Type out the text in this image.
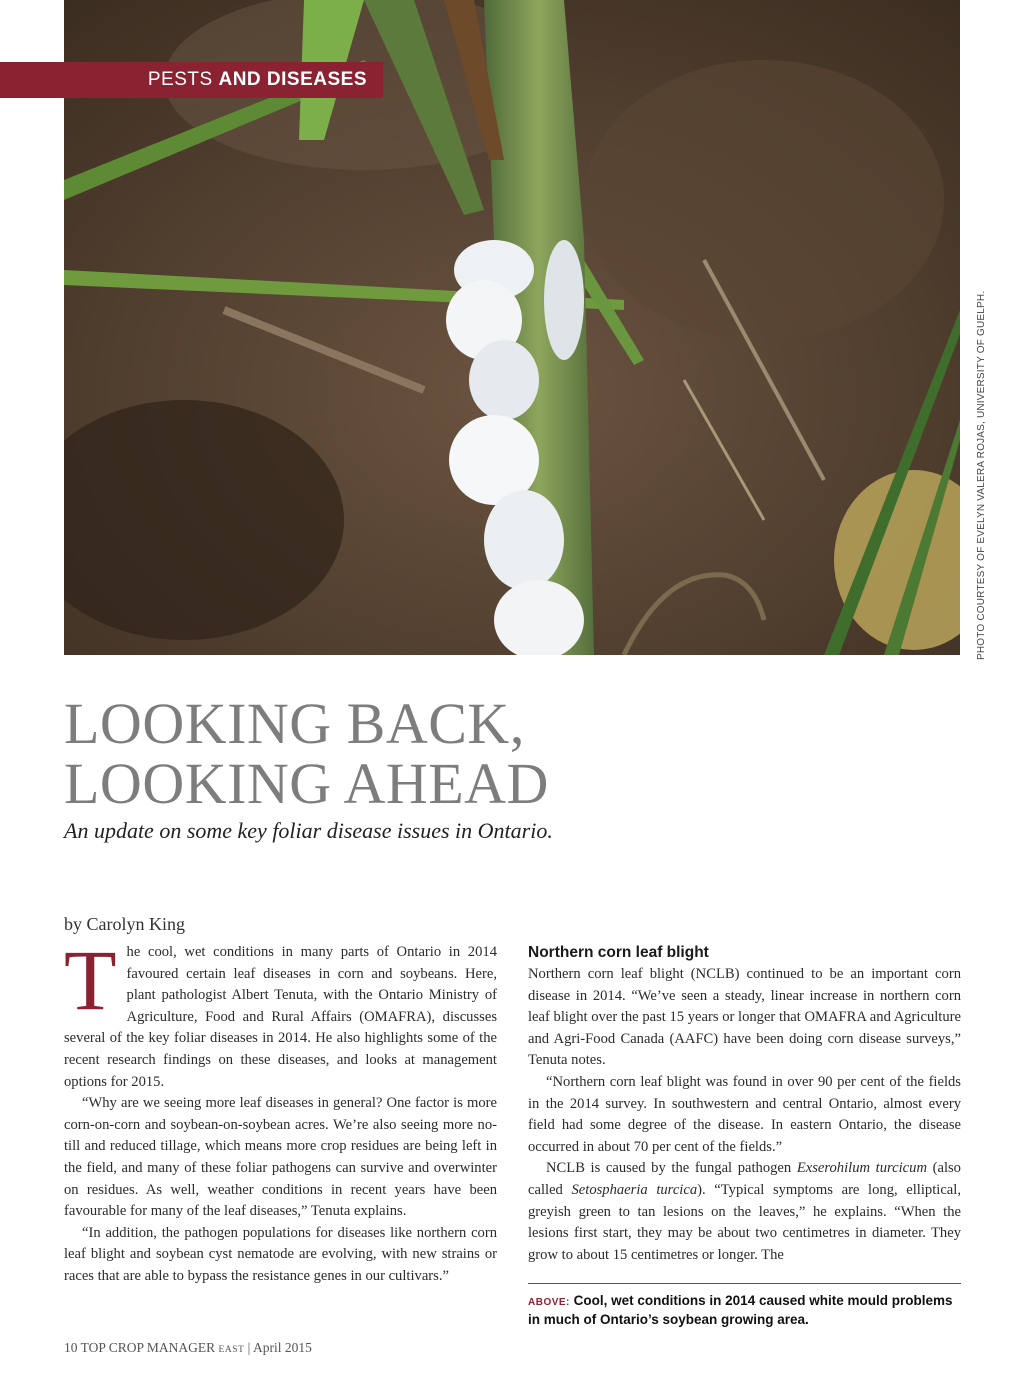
PESTS AND DISEASES
PHOTO COURTESY OF EVELYN VALERA ROJAS, UNIVERSITY OF GUELPH.
LOOKING BACK,
LOOKING AHEAD
An update on some key foliar disease issues in Ontario.
by Carolyn King

The cool, wet conditions in many parts of Ontario in 2014 favoured certain leaf diseases in corn and soybeans. Here, plant pathologist Albert Tenuta, with the Ontario Ministry of Agriculture, Food and Rural Affairs (OMAFRA), discusses several of the key foliar diseases in 2014. He also highlights some of the recent research findings on these diseases, and looks at management options for 2015.

“Why are we seeing more leaf diseases in general? One factor is more corn-on-corn and soybean-on-soybean acres. We’re also seeing more no-till and reduced tillage, which means more crop residues are being left in the field, and many of these foliar pathogens can survive and overwinter on residues. As well, weather conditions in recent years have been favourable for many of the leaf diseases,” Tenuta explains.

“In addition, the pathogen populations for diseases like northern corn leaf blight and soybean cyst nematode are evolving, with new strains or races that are able to bypass the resistance genes in our cultivars.”

Northern corn leaf blight

Northern corn leaf blight (NCLB) continued to be an important corn disease in 2014. “We’ve seen a steady, linear increase in northern corn leaf blight over the past 15 years or longer that OMAFRA and Agriculture and Agri-Food Canada (AAFC) have been doing corn disease surveys,” Tenuta notes.

“Northern corn leaf blight was found in over 90 per cent of the fields in the 2014 survey. In southwestern and central Ontario, almost every field had some degree of the disease. In eastern Ontario, the disease occurred in about 70 per cent of the fields.”

NCLB is caused by the fungal pathogen Exserohilum turcicum (also called Setosphaeria turcica). “Typical symptoms are long, elliptical, greyish green to tan lesions on the leaves,” he explains. “When the lesions first start, they may be about two centimetres in diameter. They grow to about 15 centimetres or longer. The

ABOVE: Cool, wet conditions in 2014 caused white mould problems in much of Ontario’s soybean growing area.
10 TOP CROP MANAGER EAST | April 2015
